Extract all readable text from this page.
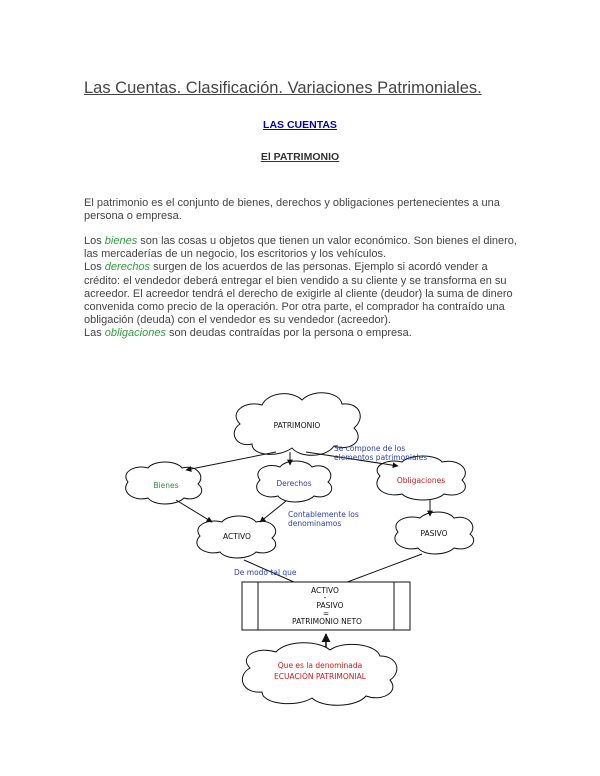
Las Cuentas. Clasificación. Variaciones Patrimoniales.
LAS CUENTAS
El PATRIMONIO
El patrimonio es el conjunto de bienes, derechos y obligaciones pertenecientes a una persona o empresa.
Los bienes son las cosas u objetos que tienen un valor económico. Son bienes el dinero, las mercaderías de un negocio, los escritorios y los vehículos.
Los derechos surgen de los acuerdos de las personas. Ejemplo si acordó vender a crédito: el vendedor deberá entregar el bien vendido a su cliente y se transforma en su acreedor. El acreedor tendrá el derecho de exigirle al cliente (deudor) la suma de dinero convenida como precio de la operación. Por otra parte, el comprador ha contraído una obligación (deuda) con el vendedor es su vendedor (acreedor).
Las obligaciones son deudas contraídas por la persona o empresa.
PATRIMONIO
Bienes	Derechos	Obligaciones
ACTIVO	PASIVO
Se compone de los
elementos patrimoniales
Contablemente los
denominamos
De modo tal que
ACTIVO
-
PASIVO
=
PATRIMONIO NETO
Que es la denominada
ECUACIÓN PATRIMONIAL
